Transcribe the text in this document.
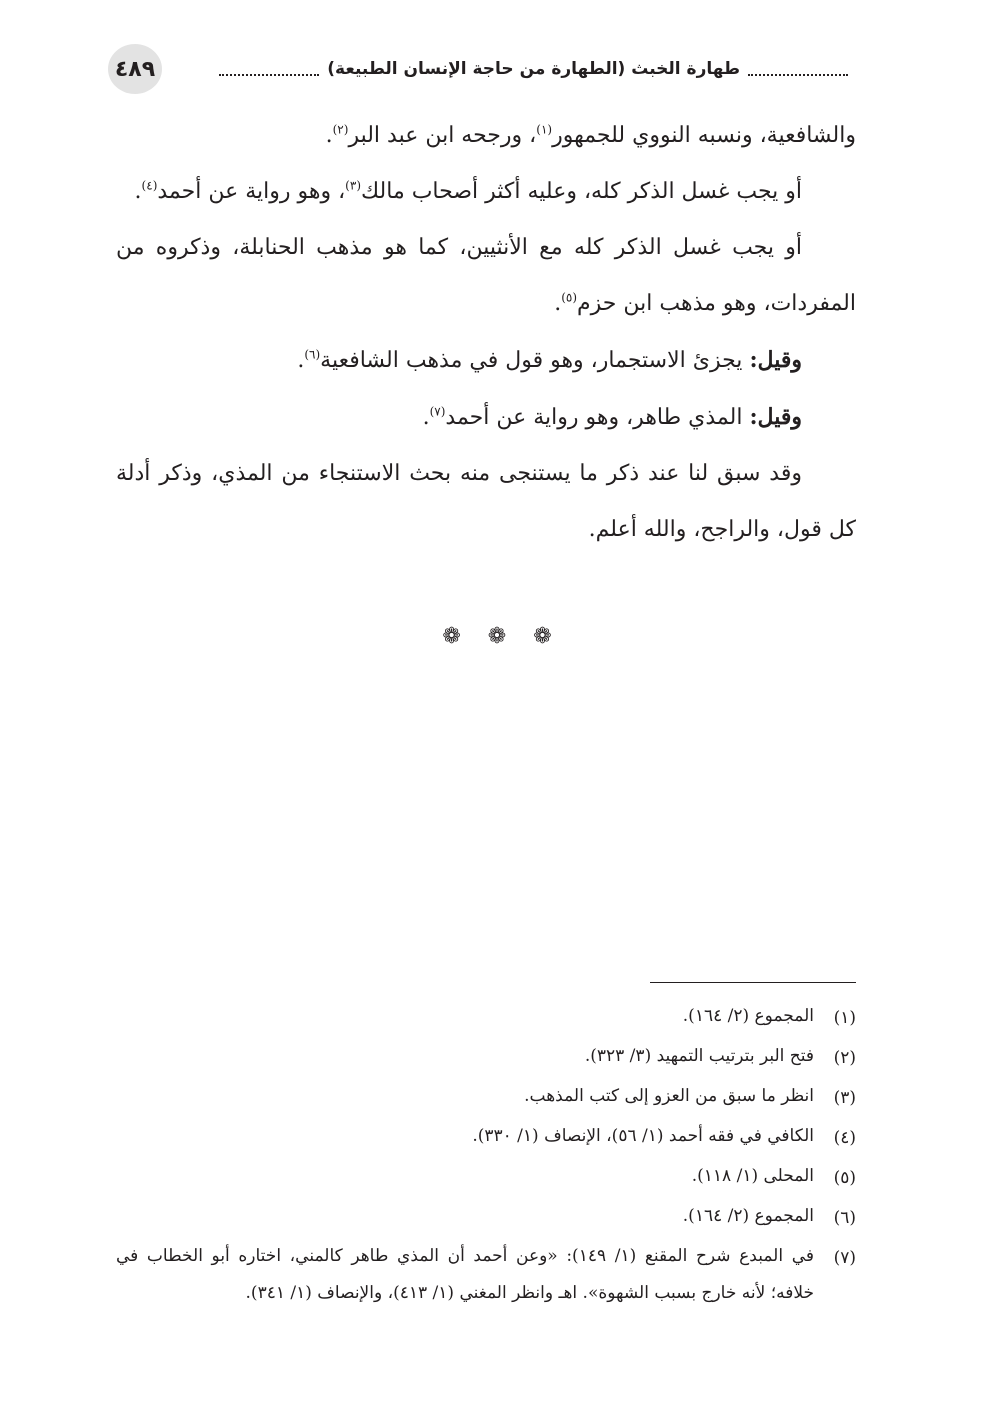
طهارة الخبث (الطهارة من حاجة الإنسان الطبيعة)
٤٨٩

والشافعية، ونسبه النووي للجمهور$^{(١)}$، ورجحه ابن عبد البر$^{(٢)}$.

أو يجب غسل الذكر كله، وعليه أكثر أصحاب مالك$^{(٣)}$، وهو رواية عن أحمد$^{(٤)}$.

أو يجب غسل الذكر كله مع الأنثيين، كما هو مذهب الحنابلة، وذكروه من المفردات، وهو مذهب ابن حزم$^{(٥)}$.

وقيل: يجزئ الاستجمار، وهو قول في مذهب الشافعية$^{(٦)}$.

وقيل: المذي طاهر، وهو رواية عن أحمد$^{(٧)}$.

وقد سبق لنا عند ذكر ما يستنجى منه بحث الاستنجاء من المذي، وذكر أدلة كل قول، والراجح، والله أعلم.

❁ ❁ ❁
(١)
المجموع (٢/ ١٦٤).
(٢)
فتح البر بترتيب التمهيد (٣/ ٣٢٣).
(٣)
انظر ما سبق من العزو إلى كتب المذهب.
(٤)
الكافي في فقه أحمد (١/ ٥٦)، الإنصاف (١/ ٣٣٠).
(٥)
المحلى (١/ ١١٨).
(٦)
المجموع (٢/ ١٦٤).
(٧)
في المبدع شرح المقنع (١/ ١٤٩): «وعن أحمد أن المذي طاهر كالمني، اختاره أبو الخطاب في خلافه؛ لأنه خارج بسبب الشهوة». اهـ وانظر المغني (١/ ٤١٣)، والإنصاف (١/ ٣٤١).
